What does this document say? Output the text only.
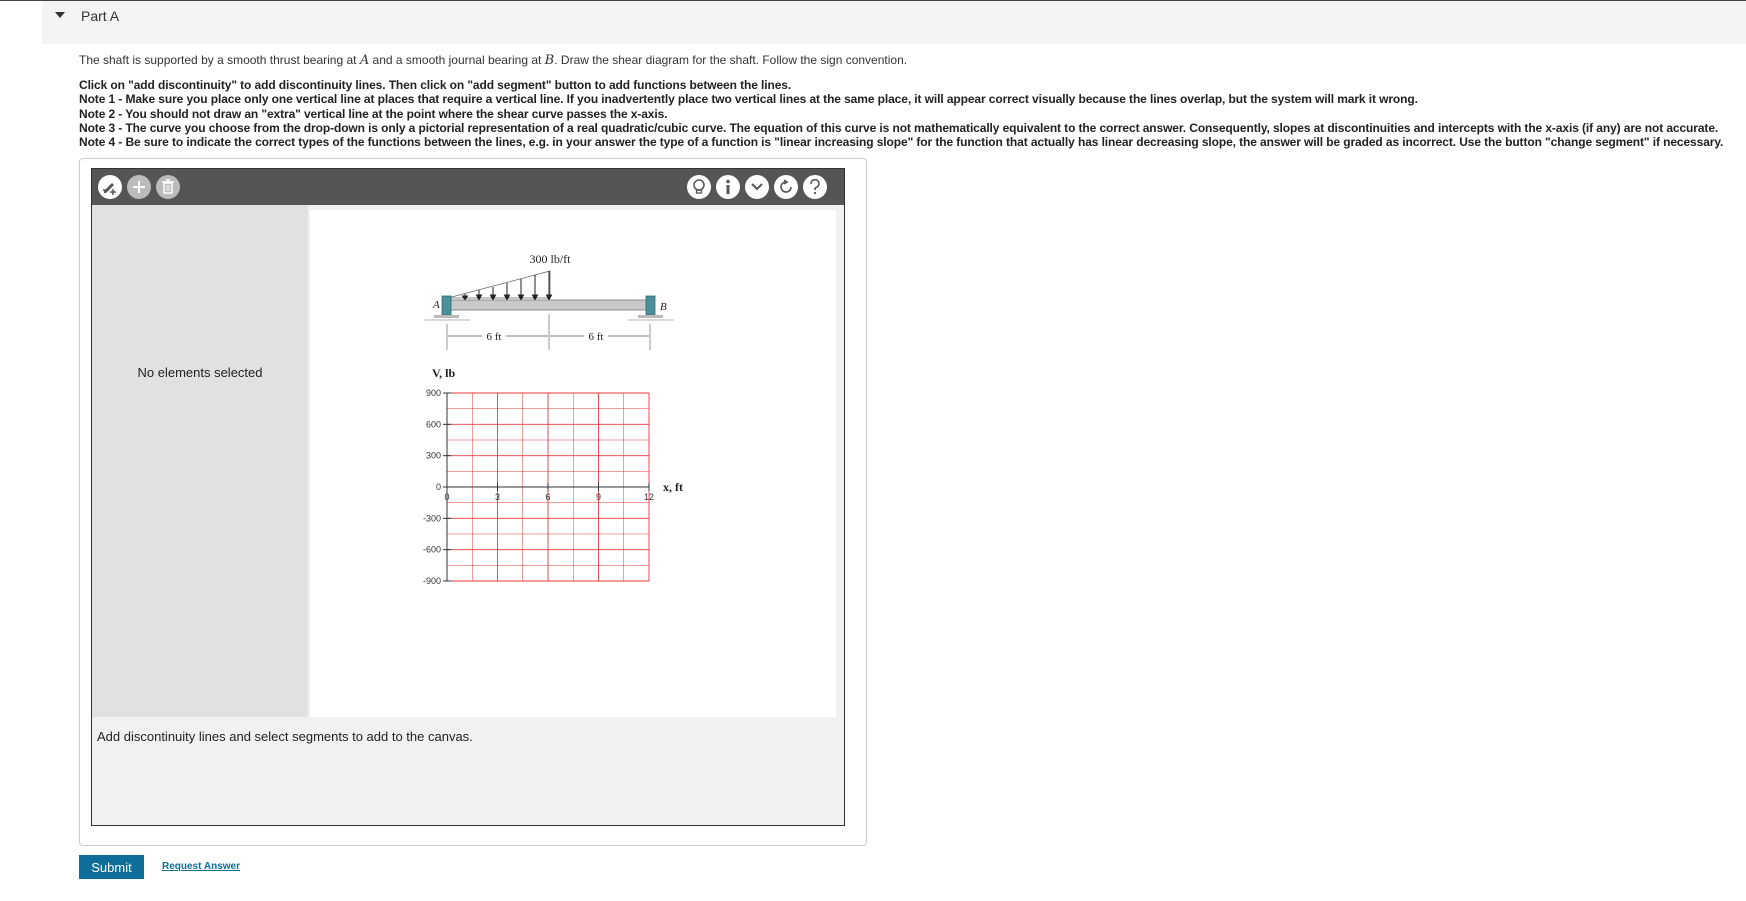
Part A
The shaft is supported by a smooth thrust bearing at A and a smooth journal bearing at B. Draw the shear diagram for the shaft. Follow the sign convention.
Click on "add discontinuity" to add discontinuity lines. Then click on "add segment" button to add functions between the lines.
Note 1 - Make sure you place only one vertical line at places that require a vertical line. If you inadvertently place two vertical lines at the same place, it will appear correct visually because the lines overlap, but the system will mark it wrong.
Note 2 - You should not draw an "extra" vertical line at the point where the shear curve passes the x-axis.
Note 3 - The curve you choose from the drop-down is only a pictorial representation of a real quadratic/cubic curve. The equation of this curve is not mathematically equivalent to the correct answer. Consequently, slopes at discontinuities and intercepts with the x-axis (if any) are not accurate.
Note 4 - Be sure to indicate the correct types of the functions between the lines, e.g. in your answer the type of a function is "linear increasing slope" for the function that actually has linear decreasing slope, the answer will be graded as incorrect. Use the button "change segment" if necessary.
No elements selected
300 lb/ft
A	B
6 ft	6 ft
V, lb
x, ft
900
600
300
0
-300
-600
-900
0	3	6	9	12
Add discontinuity lines and select segments to add to the canvas.
Submit	Request Answer
